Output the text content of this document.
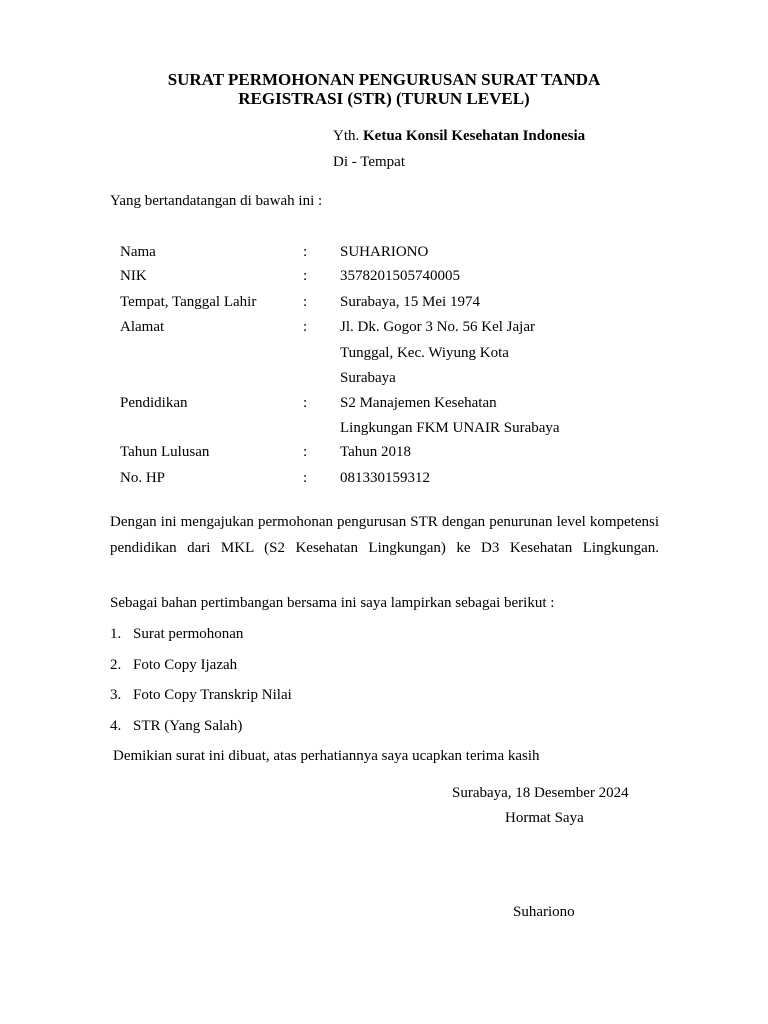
SURAT PERMOHONAN PENGURUSAN SURAT TANDA
REGISTRASI (STR) (TURUN LEVEL)
Yth. Ketua Konsil Kesehatan Indonesia
Di - Tempat
Yang bertandatangan di bawah ini :
Nama	: SUHARIONO
NIK	: 3578201505740005
Tempat, Tanggal Lahir	: Surabaya, 15 Mei 1974
Alamat	: Jl. Dk. Gogor 3 No. 56 Kel Jajar
Tunggal, Kec. Wiyung Kota
Surabaya
Pendidikan	: S2 Manajemen Kesehatan
Lingkungan FKM UNAIR Surabaya
Tahun Lulusan	: Tahun 2018
No. HP	: 081330159312
Dengan ini mengajukan permohonan pengurusan STR dengan penurunan level kompetensi pendidikan dari MKL (S2 Kesehatan Lingkungan) ke D3 Kesehatan Lingkungan.
Sebagai bahan pertimbangan bersama ini saya lampirkan sebagai berikut :
1. Surat permohonan
2. Foto Copy Ijazah
3. Foto Copy Transkrip Nilai
4. STR (Yang Salah)
Demikian surat ini dibuat, atas perhatiannya saya ucapkan terima kasih
Surabaya, 18 Desember 2024
Hormat Saya
Suhariono
